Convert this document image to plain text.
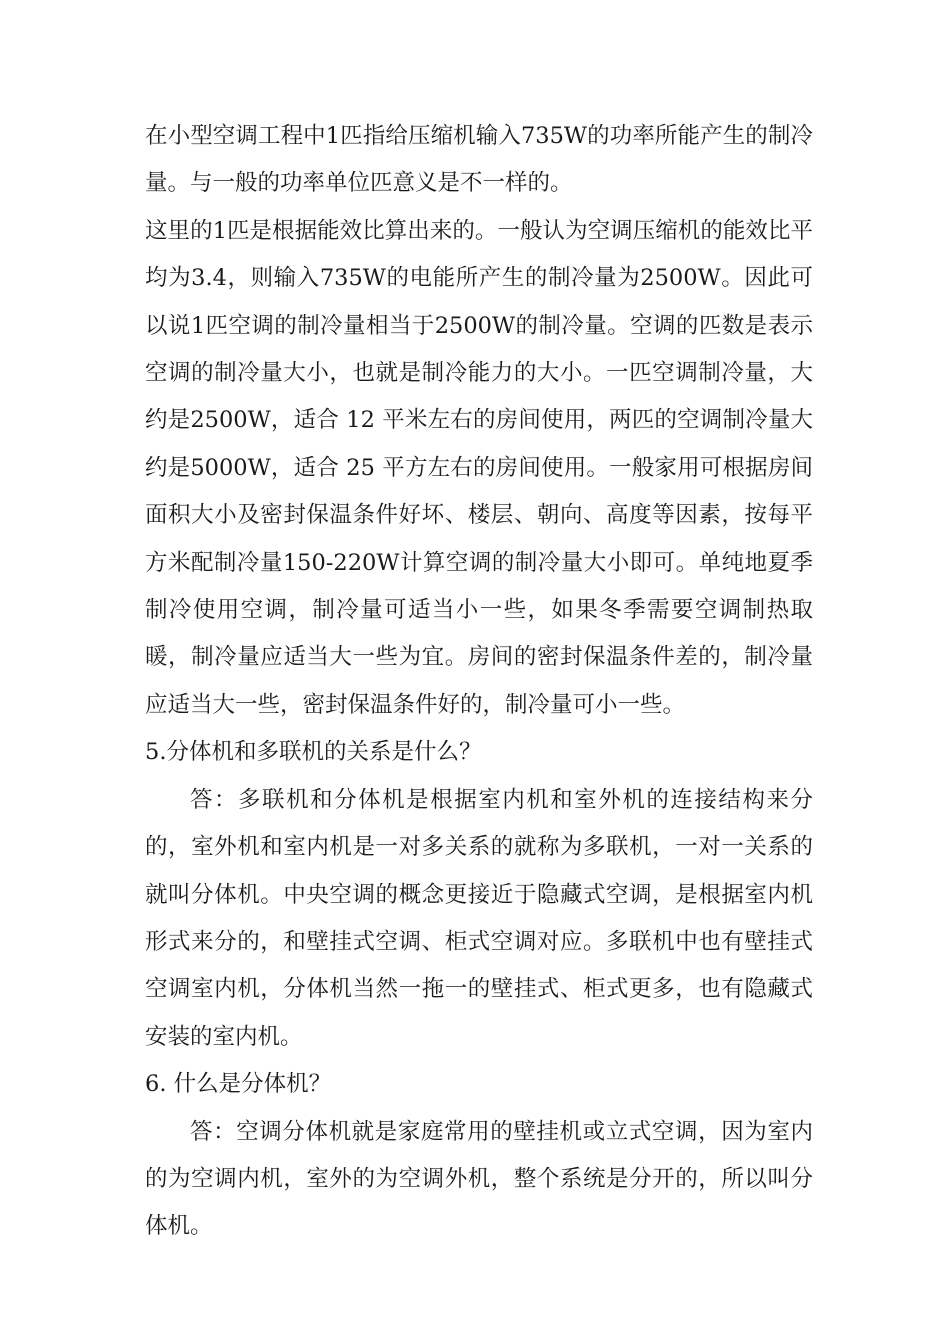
在小型空调工程中1匹指给压缩机输入735W的功率所能产生的制冷量。与一般的功率单位匹意义是不一样的。

这里的1匹是根据能效比算出来的。一般认为空调压缩机的能效比平均为3.4，则输入735W的电能所产生的制冷量为2500W。因此可以说1匹空调的制冷量相当于2500W的制冷量。空调的匹数是表示空调的制冷量大小，也就是制冷能力的大小。一匹空调制冷量，大约是2500W，适合 12 平米左右的房间使用，两匹的空调制冷量大约是5000W，适合 25 平方左右的房间使用。一般家用可根据房间面积大小及密封保温条件好坏、楼层、朝向、高度等因素，按每平方米配制冷量150-220W计算空调的制冷量大小即可。单纯地夏季制冷使用空调，制冷量可适当小一些，如果冬季需要空调制热取暖，制冷量应适当大一些为宜。房间的密封保温条件差的，制冷量应适当大一些，密封保温条件好的，制冷量可小一些。

5.分体机和多联机的关系是什么？

答：多联机和分体机是根据室内机和室外机的连接结构来分的，室外机和室内机是一对多关系的就称为多联机，一对一关系的就叫分体机。中央空调的概念更接近于隐藏式空调，是根据室内机形式来分的，和壁挂式空调、柜式空调对应。多联机中也有壁挂式空调室内机，分体机当然一拖一的壁挂式、柜式更多，也有隐藏式安装的室内机。

6. 什么是分体机？

答：空调分体机就是家庭常用的壁挂机或立式空调，因为室内的为空调内机，室外的为空调外机，整个系统是分开的，所以叫分体机。
